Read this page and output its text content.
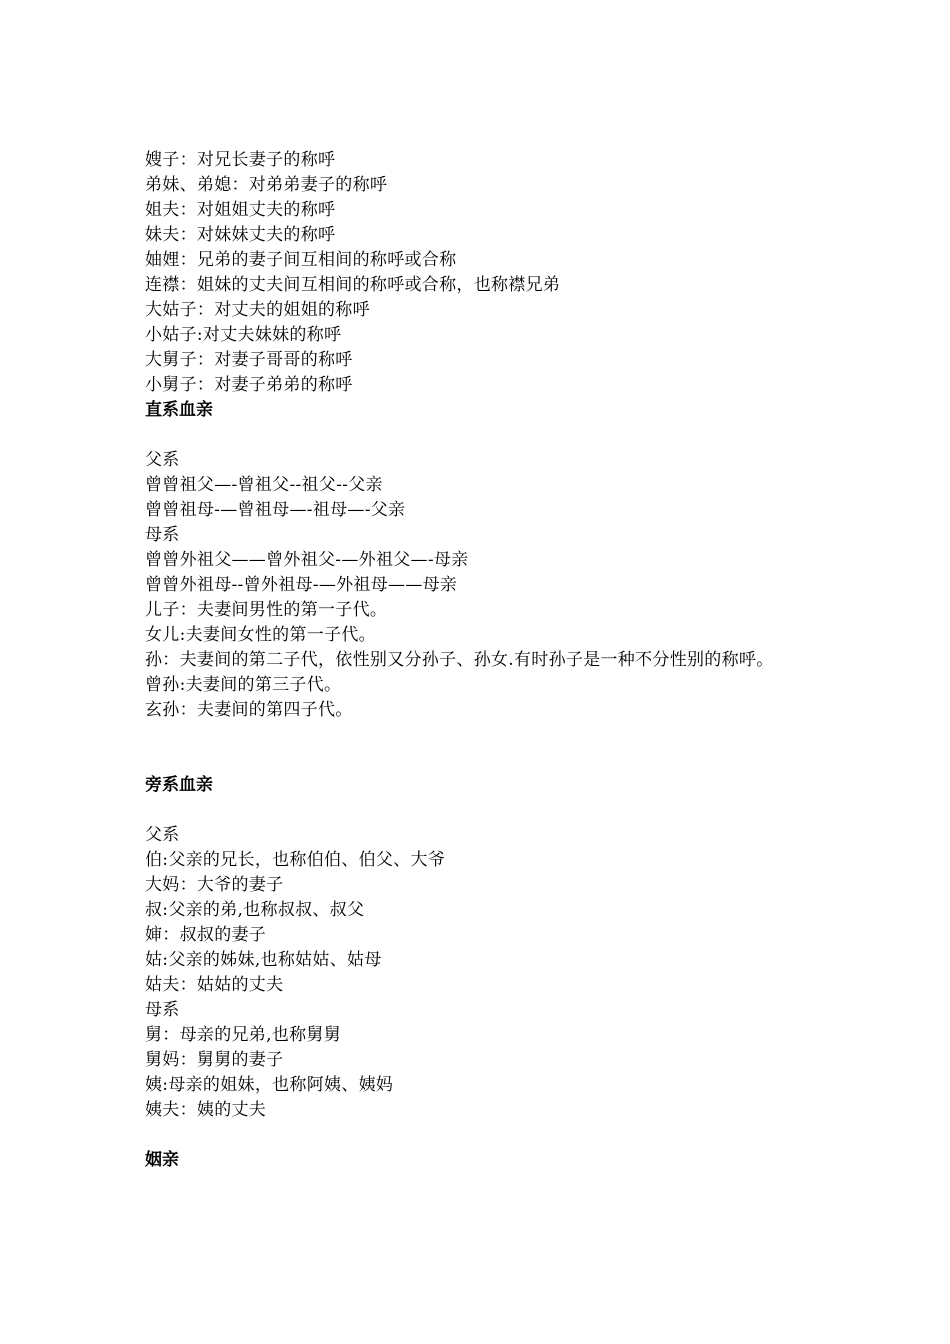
嫂子：对兄长妻子的称呼
弟妹、弟媳：对弟弟妻子的称呼
姐夫：对姐姐丈夫的称呼
妹夫：对妹妹丈夫的称呼
妯娌：兄弟的妻子间互相间的称呼或合称
连襟：姐妹的丈夫间互相间的称呼或合称，也称襟兄弟
大姑子：对丈夫的姐姐的称呼
小姑子:对丈夫妹妹的称呼
大舅子：对妻子哥哥的称呼
小舅子：对妻子弟弟的称呼
直系血亲
父系
曾曾祖父—-曾祖父--祖父--父亲
曾曾祖母-—曾祖母—-祖母—-父亲
母系
曾曾外祖父——曾外祖父-—外祖父—-母亲
曾曾外祖母--曾外祖母-—外祖母——母亲
儿子：夫妻间男性的第一子代。
女儿:夫妻间女性的第一子代。
孙：夫妻间的第二子代，依性别又分孙子、孙女.有时孙子是一种不分性别的称呼。
曾孙:夫妻间的第三子代。
玄孙：夫妻间的第四子代。
旁系血亲
父系
伯:父亲的兄长，也称伯伯、伯父、大爷
大妈：大爷的妻子
叔:父亲的弟,也称叔叔、叔父
婶：叔叔的妻子
姑:父亲的姊妹,也称姑姑、姑母
姑夫：姑姑的丈夫
母系
舅：母亲的兄弟,也称舅舅
舅妈：舅舅的妻子
姨:母亲的姐妹，也称阿姨、姨妈
姨夫：姨的丈夫
姻亲
